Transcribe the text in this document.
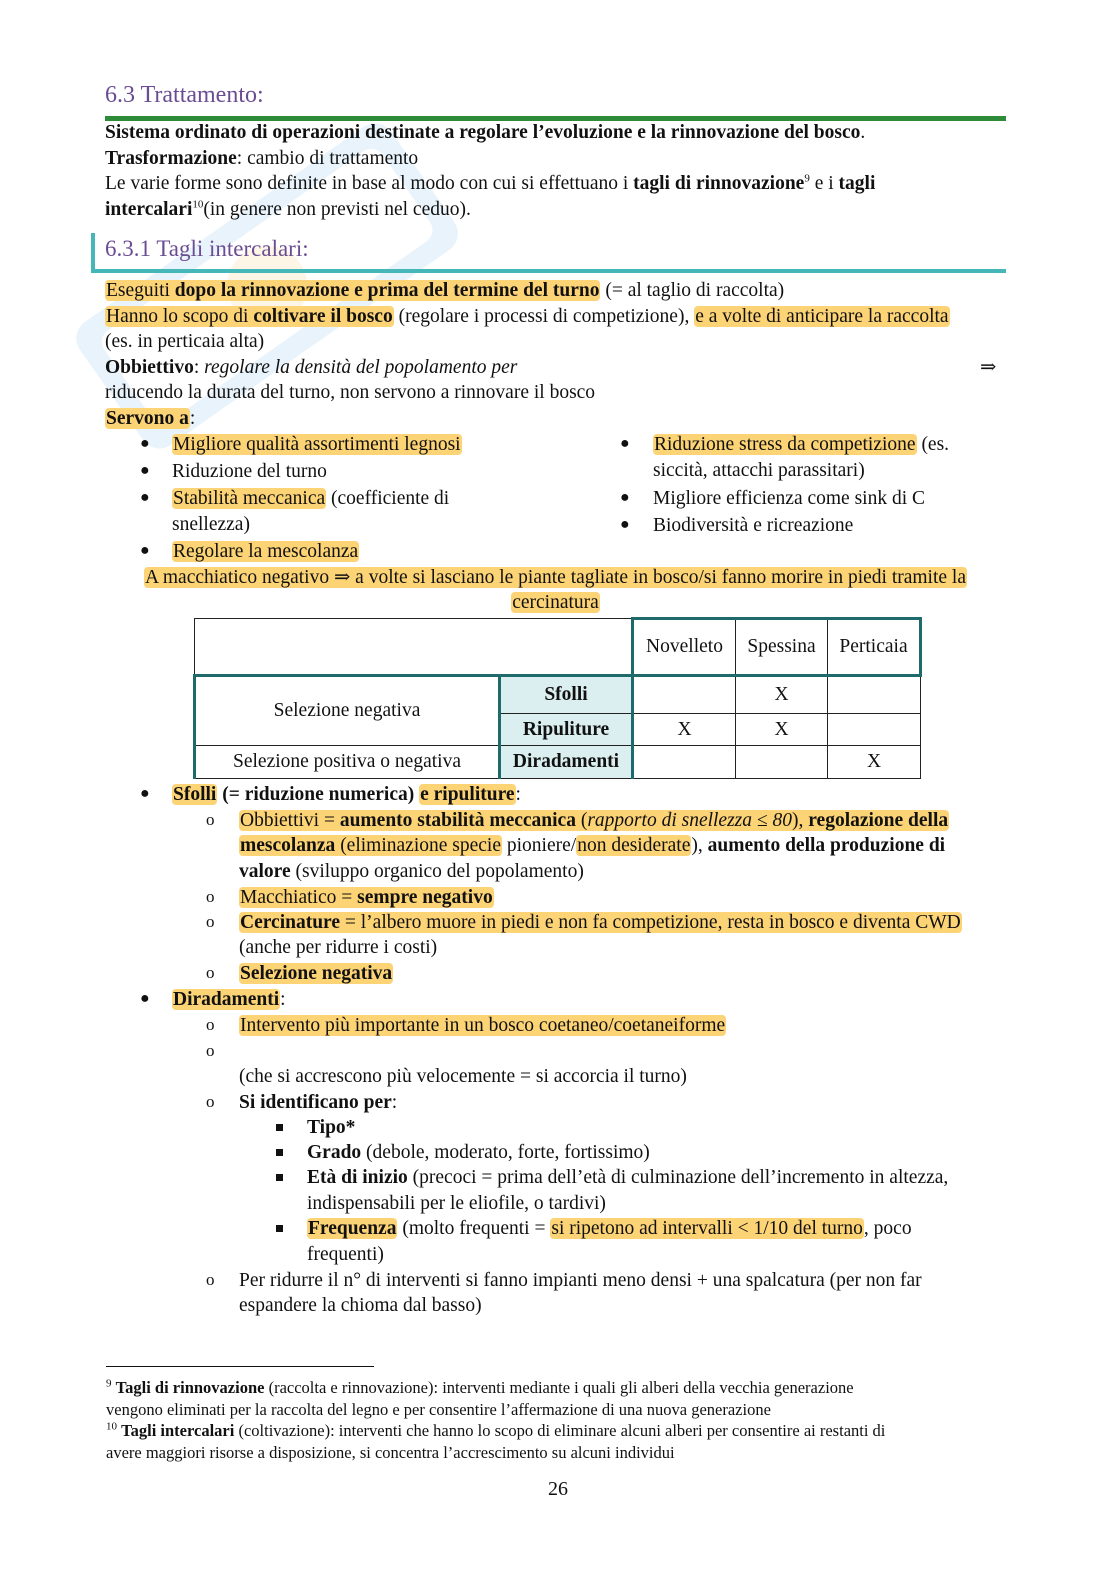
6.3 Trattamento:
Sistema ordinato di operazioni destinate a regolare l’evoluzione e la rinnovazione del bosco.
Trasformazione: cambio di trattamento
Le varie forme sono definite in base al modo con cui si effettuano i tagli di rinnovazione$^9$ e i tagli
intercalari$^{10}$(in genere non previsti nel ceduo).
6.3.1 Tagli intercalari:
Eseguiti dopo la rinnovazione e prima del termine del turno (= al taglio di raccolta)
Hanno lo scopo di coltivare il bosco (regolare i processi di competizione), e a volte di anticipare la raccolta
(es. in perticaia alta)
Obbiettivo: regolare la densità del popolamento per	⇒
riducendo la durata del turno, non servono a rinnovare il bosco
Servono a:
● Migliore qualità assortimenti legnosi
● Riduzione del turno
● Stabilità meccanica (coefficiente di
snellezza)
● Regolare la mescolanza
● Riduzione stress da competizione (es.
siccità, attacchi parassitari)
● Migliore efficienza come sink di C
● Biodiversità e ricreazione
A macchiatico negativo ⇒ a volte si lasciano le piante tagliate in bosco/si fanno morire in piedi tramite la
cercinatura
		Novelleto	Spessina	Perticaia
Selezione negativa	Sfolli		X	
	Ripuliture	X	X	
Selezione positiva o negativa	Diradamenti			X
● Sfolli (= riduzione numerica) e ripuliture:
o Obbiettivi = aumento stabilità meccanica (rapporto di snellezza ≤ 80), regolazione della
mescolanza (eliminazione specie pioniere/non desiderate), aumento della produzione di
valore (sviluppo organico del popolamento)
o Macchiatico = sempre negativo
o Cercinature = l’albero muore in piedi e non fa competizione, resta in bosco e diventa CWD
(anche per ridurre i costi)
o Selezione negativa
● Diradamenti:
o Intervento più importante in un bosco coetaneo/coetaneiforme
o
(che si accrescono più velocemente = si accorcia il turno)
o Si identificano per:
Tipo*
Grado (debole, moderato, forte, fortissimo)
Età di inizio (precoci = prima dell’età di culminazione dell’incremento in altezza,
indispensabili per le eliofile, o tardivi)
Frequenza (molto frequenti = si ripetono ad intervalli < 1/10 del turno, poco
frequenti)
o Per ridurre il n° di interventi si fanno impianti meno densi + una spalcatura (per non far
espandere la chioma dal basso)
$^9$ Tagli di rinnovazione (raccolta e rinnovazione): interventi mediante i quali gli alberi della vecchia generazione
vengono eliminati per la raccolta del legno e per consentire l’affermazione di una nuova generazione
$^{10}$ Tagli intercalari (coltivazione): interventi che hanno lo scopo di eliminare alcuni alberi per consentire ai restanti di
avere maggiori risorse a disposizione, si concentra l’accrescimento su alcuni individui
26
